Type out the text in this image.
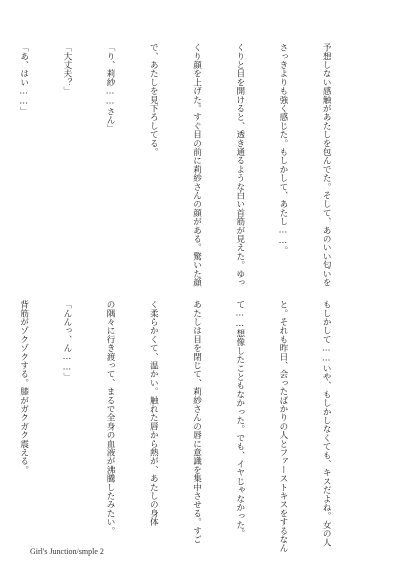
予想しない感触があたしを包んでた。そして、あのいい匂いを

さっきよりも強く感じた。もしかして、あたし……。

くりと目を開けると、透き通るような白い首筋が見えた。ゆっ

くり顔を上げた。すぐ目の前に莉紗さんの顔がある。驚いた顔

で、あたしを見下ろしてる。

「り、莉紗……さん」

「大丈夫？」

「あ、はい……」

もしかして……いや、もしかしなくても、キスだよね。女の人

と。それも昨日、会ったばかりの人とファーストキスをするなん

て……想像したこともなかった。でも、イヤじゃなかった。

あたしは目を閉じて、莉紗さんの唇に意識を集中させる。すご

く柔らかくて、温かい。触れた唇から熱が、あたしの身体

の隅々に行き渡って、まるで全身の血液が沸騰したみたい。

「んんっ、ん……」

背筋がゾクゾクする。膝がガクガク震える。

Girl's Junction/smple 2
